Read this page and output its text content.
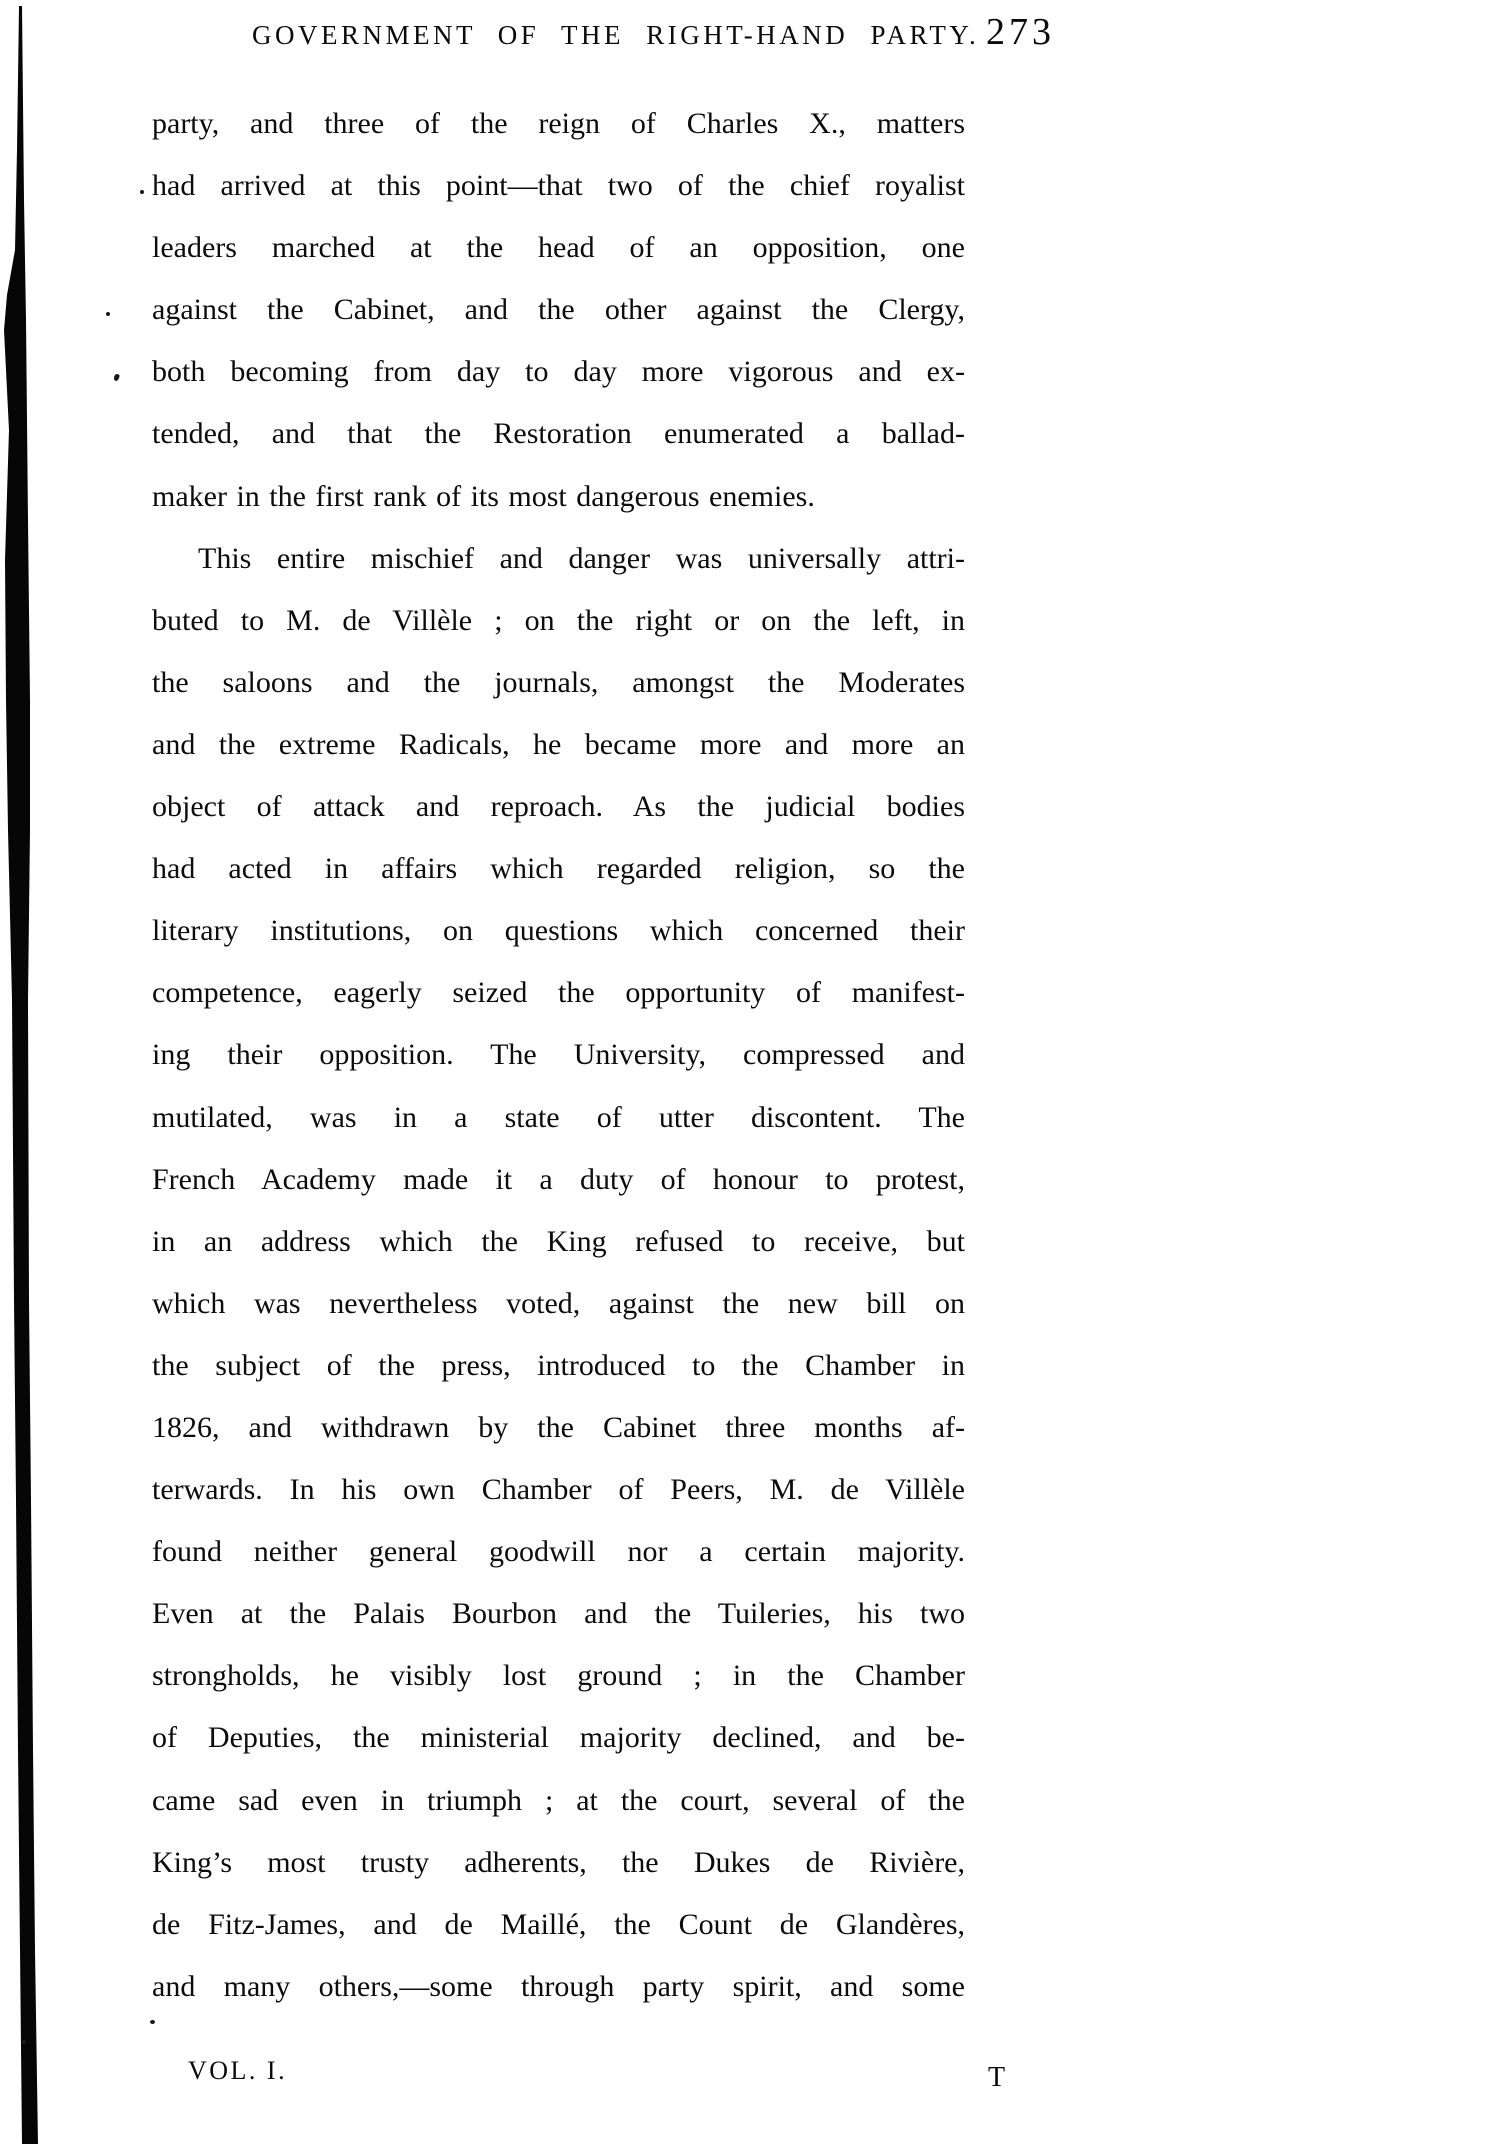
GOVERNMENT OF THE RIGHT-HAND PARTY. 273
party, and three of the reign of Charles X., matters
had arrived at this point—that two of the chief royalist
leaders marched at the head of an opposition, one
against the Cabinet, and the other against the Clergy,
both becoming from day to day more vigorous and ex-
tended, and that the Restoration enumerated a ballad-
maker in the first rank of its most dangerous enemies.
This entire mischief and danger was universally attri-
buted to M. de Villèle ; on the right or on the left, in
the saloons and the journals, amongst the Moderates
and the extreme Radicals, he became more and more an
object of attack and reproach. As the judicial bodies
had acted in affairs which regarded religion, so the
literary institutions, on questions which concerned their
competence, eagerly seized the opportunity of manifest-
ing their opposition. The University, compressed and
mutilated, was in a state of utter discontent. The
French Academy made it a duty of honour to protest,
in an address which the King refused to receive, but
which was nevertheless voted, against the new bill on
the subject of the press, introduced to the Chamber in
1826, and withdrawn by the Cabinet three months af-
terwards. In his own Chamber of Peers, M. de Villèle
found neither general goodwill nor a certain majority.
Even at the Palais Bourbon and the Tuileries, his two
strongholds, he visibly lost ground ; in the Chamber
of Deputies, the ministerial majority declined, and be-
came sad even in triumph ; at the court, several of the
King’s most trusty adherents, the Dukes de Rivière,
de Fitz-James, and de Maillé, the Count de Glandères,
and many others,—some through party spirit, and some
VOL. I.	T
